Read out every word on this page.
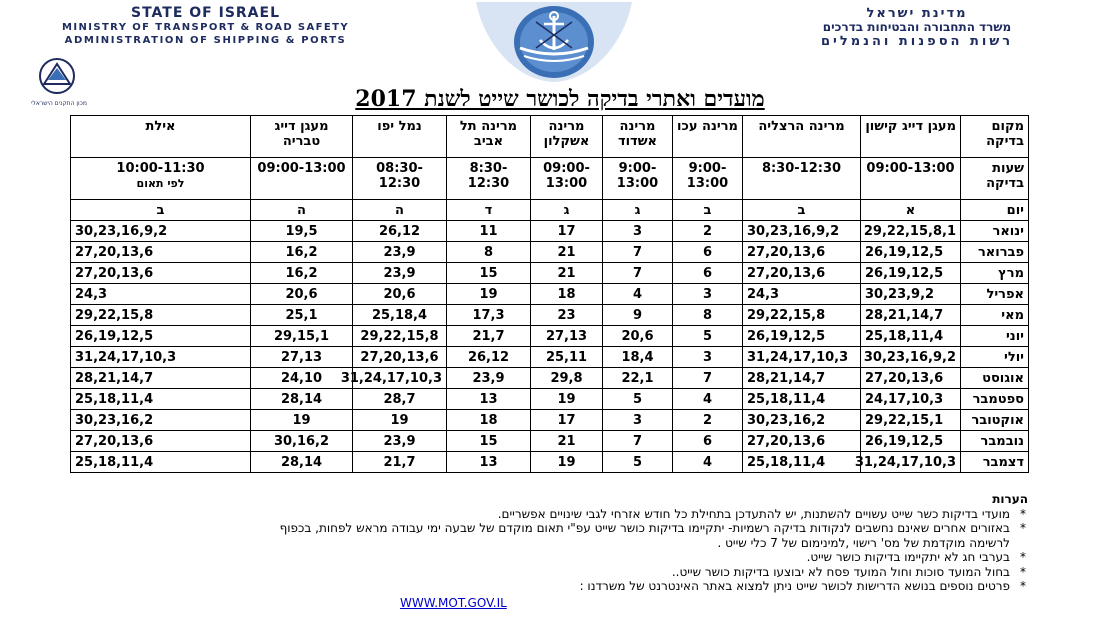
STATE OF ISRAEL
MINISTRY OF TRANSPORT & ROAD SAFETY
ADMINISTRATION OF SHIPPING & PORTS
מדינת ישראל
משרד התחבורה והבטיחות בדרכים
רשות הספנות והנמלים
מכון התקנים הישראלי	מועדים ואתרי בדיקה לכושר שייט לשנת 2017
מקום בדיקה	מעגן דייג קישון	מרינה הרצליה	מרינה עכו	מרינה אשדוד	מרינה אשקלון	מרינה תל אביב	נמל יפו	מעגן דייג טבריה	אילת
שעות בדיקה	09:00-13:00	8:30-12:30	9:00-13:00	9:00-13:00	09:00-13:00	8:30-12:30	08:30-12:30	09:00-13:00	10:00-11:30
לפי תאום

יום	א	ב	ב	ג	ג	ד	ה	ה	ב
ינואר	29,22,15,8,1	30,23,16,9,2	2	3	17	11	26,12	19,5	30,23,16,9,2
פברואר	26,19,12,5	27,20,13,6	6	7	21	8	23,9	16,2	27,20,13,6
מרץ	26,19,12,5	27,20,13,6	6	7	21	15	23,9	16,2	27,20,13,6
אפריל	30,23,9,2	24,3	3	4	18	19	20,6	20,6	24,3
מאי	28,21,14,7	29,22,15,8	8	9	23	17,3	25,18,4	25,1	29,22,15,8
יוני	25,18,11,4	26,19,12,5	5	20,6	27,13	21,7	29,22,15,8	29,15,1	26,19,12,5
יולי	30,23,16,9,2	31,24,17,10,3	3	18,4	25,11	26,12	27,20,13,6	27,13	31,24,17,10,3
אוגוסט	27,20,13,6	28,21,14,7	7	22,1	29,8	23,9	31,24,17,10,3	24,10	28,21,14,7
ספטמבר	24,17,10,3	25,18,11,4	4	5	19	13	28,7	28,14	25,18,11,4
אוקטובר	29,22,15,1	30,23,16,2	2	3	17	18	19	19	30,23,16,2
נובמבר	26,19,12,5	27,20,13,6	6	7	21	15	23,9	30,16,2	27,20,13,6
דצמבר	31,24,17,10,3	25,18,11,4	4	5	19	13	21,7	28,14	25,18,11,4
הערות
* מועדי בדיקות כשר שייט עשויים להשתנות, יש להתעדכן בתחילת כל חודש אזרחי לגבי שינויים אפשריים.
* באזורים אחרים שאינם נחשבים לנקודות בדיקה רשמיות- יתקיימו בדיקות כושר שייט עפ"י תאום מוקדם של שבעה ימי עבודה מראש לפחות, בכפוף
לרשימה מוקדמת של מס' רישוי ,למינימום של 7 כלי שייט .
* בערבי חג לא יתקיימו בדיקות כושר שייט.
* בחול המועד סוכות וחול המועד פסח לא יבוצעו בדיקות כושר שייט..
* פרטים נוספים בנושא הדרישות לכושר שייט ניתן למצוא באתר האינטרנט של משרדנו :
WWW.MOT.GOV.IL
